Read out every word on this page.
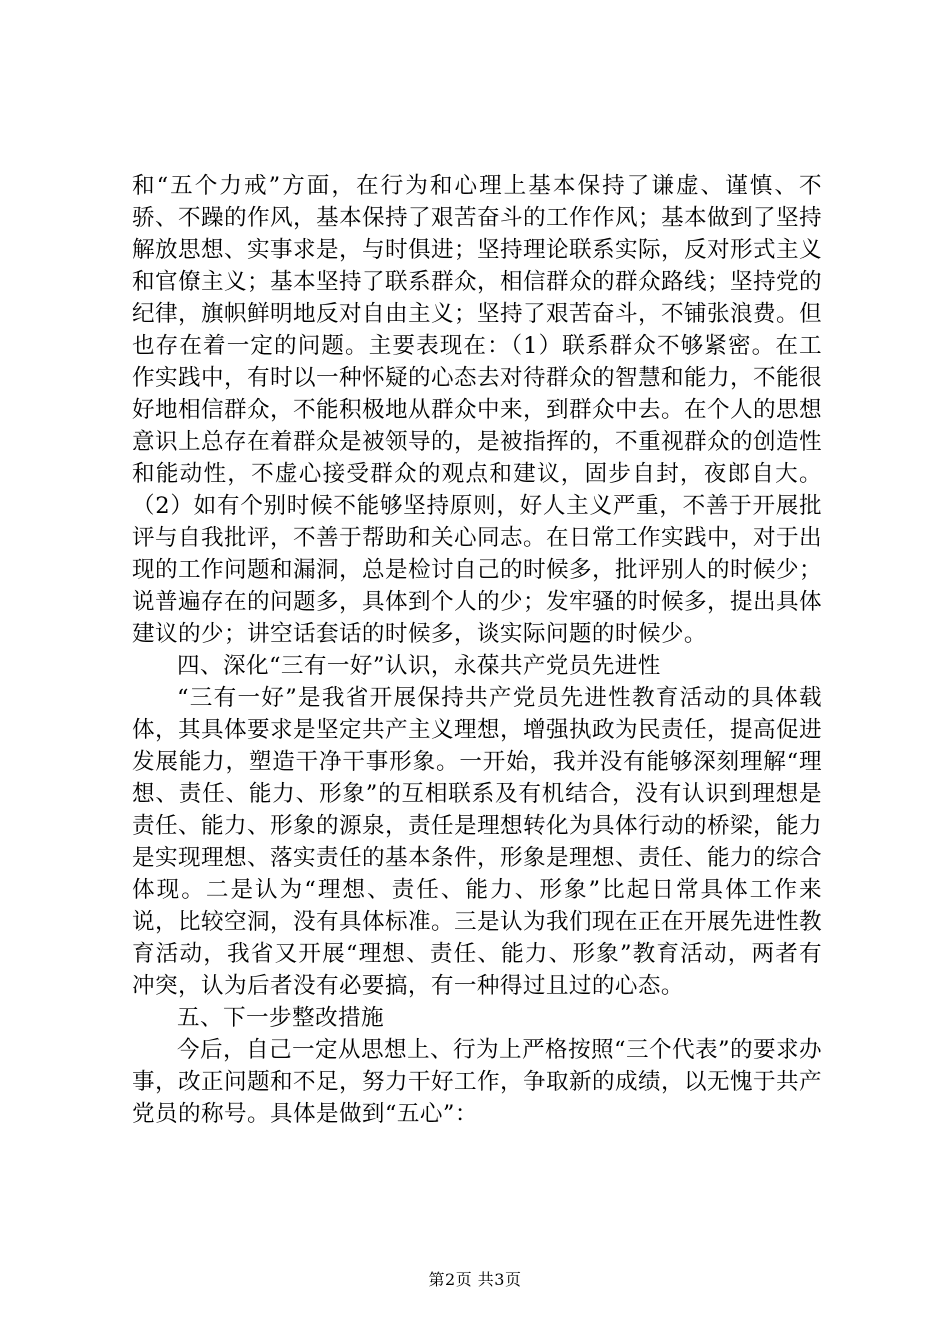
和“五个力戒”方面，在行为和心理上基本保持了谦虚、谨慎、不骄、不躁的作风，基本保持了艰苦奋斗的工作作风；基本做到了坚持解放思想、实事求是，与时俱进；坚持理论联系实际，反对形式主义和官僚主义；基本坚持了联系群众，相信群众的群众路线；坚持党的纪律，旗帜鲜明地反对自由主义；坚持了艰苦奋斗，不铺张浪费。但也存在着一定的问题。主要表现在：（1）联系群众不够紧密。在工作实践中，有时以一种怀疑的心态去对待群众的智慧和能力，不能很好地相信群众，不能积极地从群众中来，到群众中去。在个人的思想意识上总存在着群众是被领导的，是被指挥的，不重视群众的创造性和能动性，不虚心接受群众的观点和建议，固步自封，夜郎自大。（2）如有个别时候不能够坚持原则，好人主义严重，不善于开展批评与自我批评，不善于帮助和关心同志。在日常工作实践中，对于出现的工作问题和漏洞，总是检讨自己的时候多，批评别人的时候少；说普遍存在的问题多，具体到个人的少；发牢骚的时候多，提出具体建议的少；讲空话套话的时候多，谈实际问题的时候少。

四、深化“三有一好”认识，永葆共产党员先进性

“三有一好”是我省开展保持共产党员先进性教育活动的具体载体，其具体要求是坚定共产主义理想，增强执政为民责任，提高促进发展能力，塑造干净干事形象。一开始，我并没有能够深刻理解“理想、责任、能力、形象”的互相联系及有机结合，没有认识到理想是责任、能力、形象的源泉，责任是理想转化为具体行动的桥梁，能力是实现理想、落实责任的基本条件，形象是理想、责任、能力的综合体现。二是认为“理想、责任、能力、形象”比起日常具体工作来说，比较空洞，没有具体标准。三是认为我们现在正在开展先进性教育活动，我省又开展“理想、责任、能力、形象”教育活动，两者有冲突，认为后者没有必要搞，有一种得过且过的心态。

五、下一步整改措施

今后，自己一定从思想上、行为上严格按照“三个代表”的要求办事，改正问题和不足，努力干好工作，争取新的成绩，以无愧于共产党员的称号。具体是做到“五心”：

第2页 共3页
